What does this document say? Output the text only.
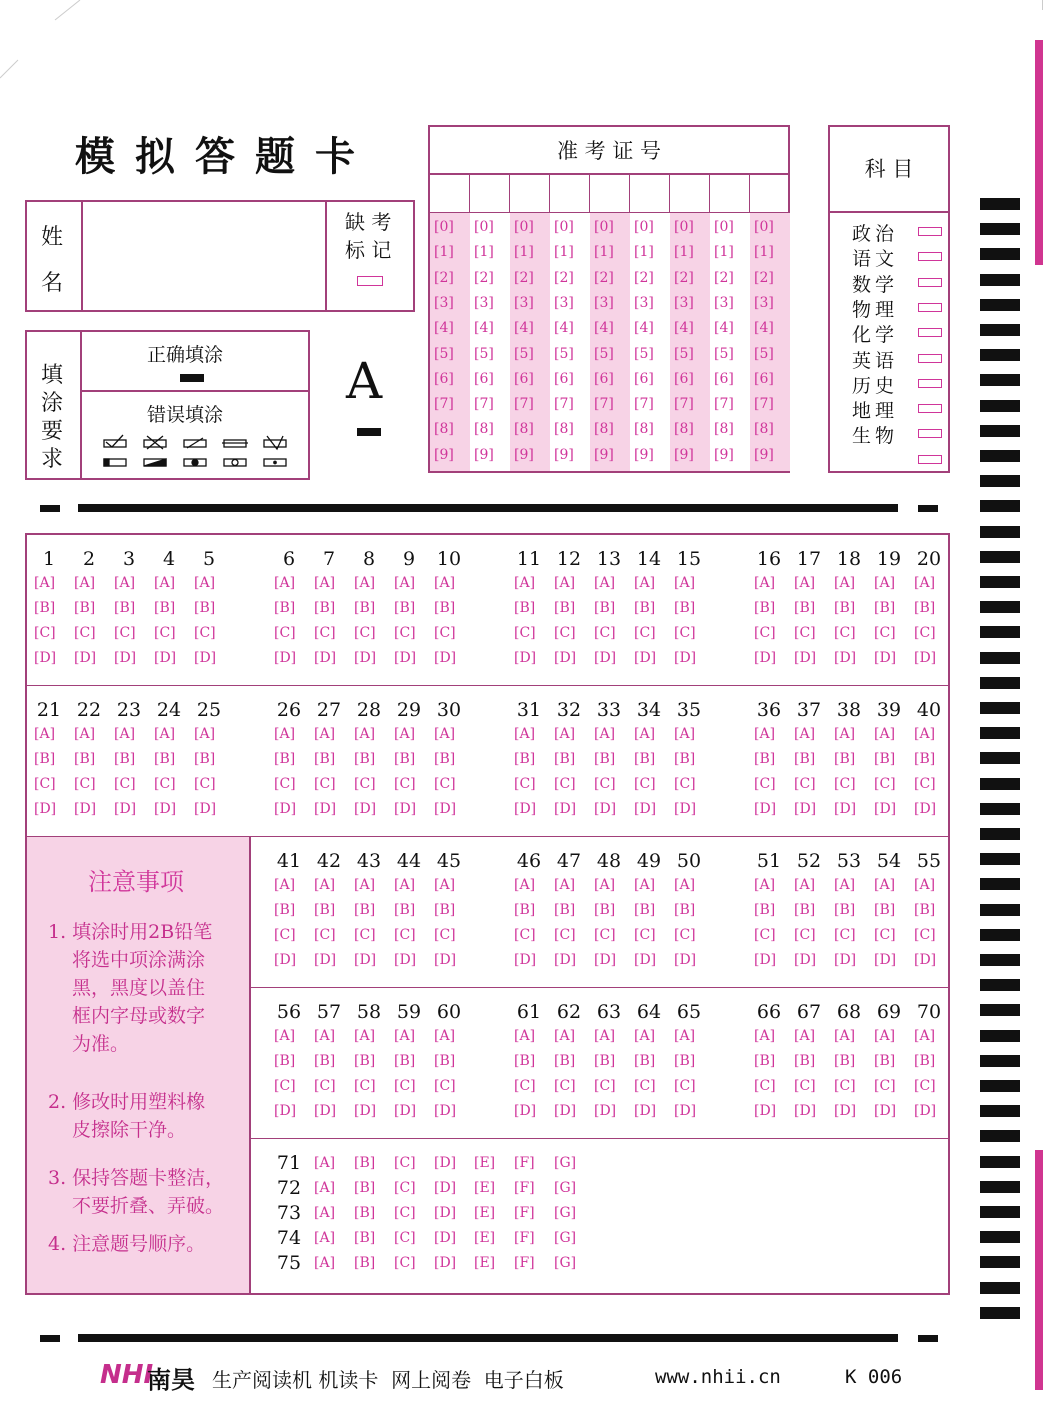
模拟答题卡
姓
名
缺 考
标 记
填
涂
要
求
正确填涂
错误填涂
A
准 考 证 号
[0]
[1]
[2]
[3]
[4]
[5]
[6]
[7]
[8]
[9]
[0]
[1]
[2]
[3]
[4]
[5]
[6]
[7]
[8]
[9]
[0]
[1]
[2]
[3]
[4]
[5]
[6]
[7]
[8]
[9]
[0]
[1]
[2]
[3]
[4]
[5]
[6]
[7]
[8]
[9]
[0]
[1]
[2]
[3]
[4]
[5]
[6]
[7]
[8]
[9]
[0]
[1]
[2]
[3]
[4]
[5]
[6]
[7]
[8]
[9]
[0]
[1]
[2]
[3]
[4]
[5]
[6]
[7]
[8]
[9]
[0]
[1]
[2]
[3]
[4]
[5]
[6]
[7]
[8]
[9]
[0]
[1]
[2]
[3]
[4]
[5]
[6]
[7]
[8]
[9]
科 目
政治
语文
数学
物理
化学
英语
历史
地理
生物
1
[A]
[B]
[C]
[D]
2
[A]
[B]
[C]
[D]
3
[A]
[B]
[C]
[D]
4
[A]
[B]
[C]
[D]
5
[A]
[B]
[C]
[D]
6
[A]
[B]
[C]
[D]
7
[A]
[B]
[C]
[D]
8
[A]
[B]
[C]
[D]
9
[A]
[B]
[C]
[D]
10
[A]
[B]
[C]
[D]
11
[A]
[B]
[C]
[D]
12
[A]
[B]
[C]
[D]
13
[A]
[B]
[C]
[D]
14
[A]
[B]
[C]
[D]
15
[A]
[B]
[C]
[D]
16
[A]
[B]
[C]
[D]
17
[A]
[B]
[C]
[D]
18
[A]
[B]
[C]
[D]
19
[A]
[B]
[C]
[D]
20
[A]
[B]
[C]
[D]
21
[A]
[B]
[C]
[D]
22
[A]
[B]
[C]
[D]
23
[A]
[B]
[C]
[D]
24
[A]
[B]
[C]
[D]
25
[A]
[B]
[C]
[D]
26
[A]
[B]
[C]
[D]
27
[A]
[B]
[C]
[D]
28
[A]
[B]
[C]
[D]
29
[A]
[B]
[C]
[D]
30
[A]
[B]
[C]
[D]
31
[A]
[B]
[C]
[D]
32
[A]
[B]
[C]
[D]
33
[A]
[B]
[C]
[D]
34
[A]
[B]
[C]
[D]
35
[A]
[B]
[C]
[D]
36
[A]
[B]
[C]
[D]
37
[A]
[B]
[C]
[D]
38
[A]
[B]
[C]
[D]
39
[A]
[B]
[C]
[D]
40
[A]
[B]
[C]
[D]
41
[A]
[B]
[C]
[D]
42
[A]
[B]
[C]
[D]
43
[A]
[B]
[C]
[D]
44
[A]
[B]
[C]
[D]
45
[A]
[B]
[C]
[D]
46
[A]
[B]
[C]
[D]
47
[A]
[B]
[C]
[D]
48
[A]
[B]
[C]
[D]
49
[A]
[B]
[C]
[D]
50
[A]
[B]
[C]
[D]
51
[A]
[B]
[C]
[D]
52
[A]
[B]
[C]
[D]
53
[A]
[B]
[C]
[D]
54
[A]
[B]
[C]
[D]
55
[A]
[B]
[C]
[D]
56
[A]
[B]
[C]
[D]
57
[A]
[B]
[C]
[D]
58
[A]
[B]
[C]
[D]
59
[A]
[B]
[C]
[D]
60
[A]
[B]
[C]
[D]
61
[A]
[B]
[C]
[D]
62
[A]
[B]
[C]
[D]
63
[A]
[B]
[C]
[D]
64
[A]
[B]
[C]
[D]
65
[A]
[B]
[C]
[D]
66
[A]
[B]
[C]
[D]
67
[A]
[B]
[C]
[D]
68
[A]
[B]
[C]
[D]
69
[A]
[B]
[C]
[D]
70
[A]
[B]
[C]
[D]
71 [A] [B] [C] [D] [E] [F] [G]
72 [A] [B] [C] [D] [E] [F] [G]
73 [A] [B] [C] [D] [E] [F] [G]
74 [A] [B] [C] [D] [E] [F] [G]
75 [A] [B] [C] [D] [E] [F] [G]
注意事项
1. 填涂时用2B铅笔
将选中项涂满涂
黑，黑度以盖住
框内字母或数字
为准。
2. 修改时用塑料橡
皮擦除干净。
3. 保持答题卡整洁，
不要折叠、弄破。
4. 注意题号顺序。
NHI
南昊 生产阅读机 机读卡  网上阅卷  电子白板	www.nhii.cn	K 006
